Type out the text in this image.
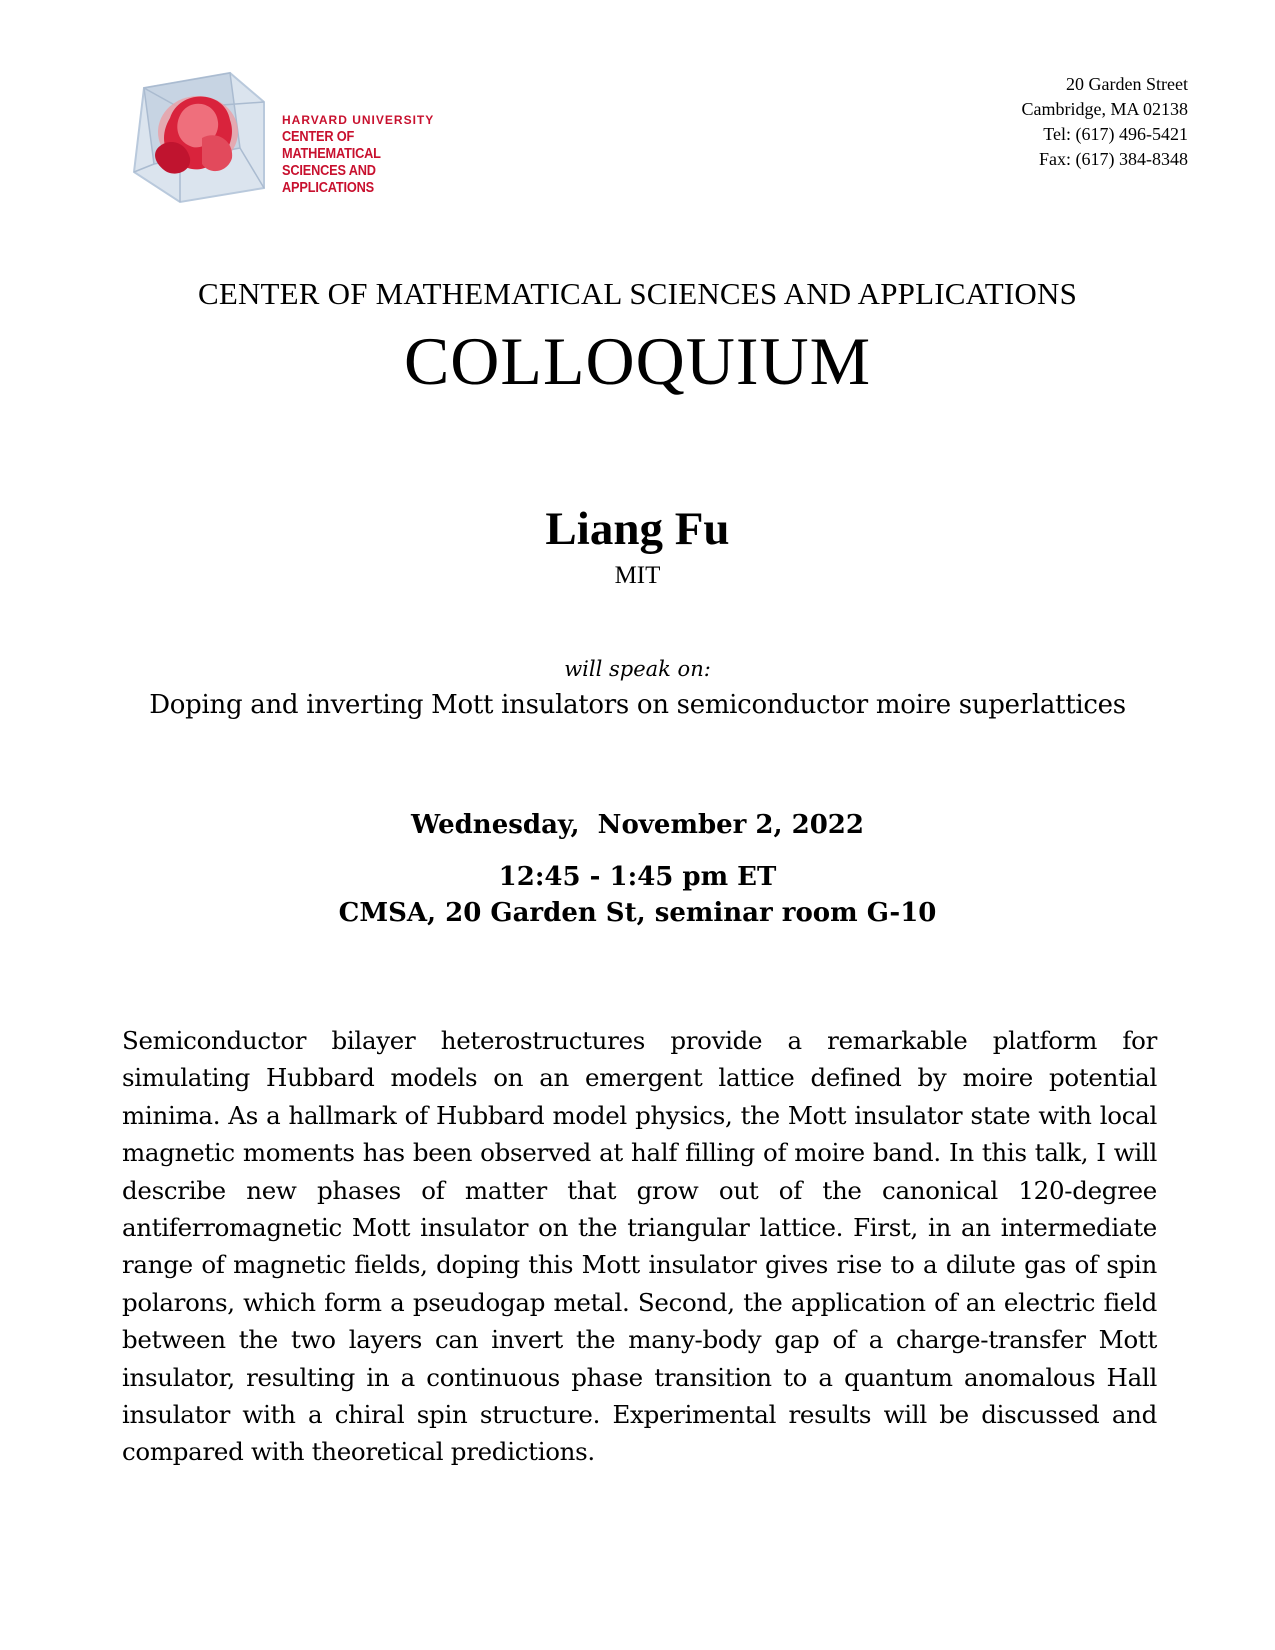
HARVARD UNIVERSITY
CENTER OF MATHEMATICAL
SCIENCES AND APPLICATIONS
20 Garden Street
Cambridge, MA 02138
Tel: (617) 496-5421
Fax: (617) 384-8348
CENTER OF MATHEMATICAL SCIENCES AND APPLICATIONS
COLLOQUIUM
Liang Fu
MIT
will speak on:
Doping and inverting Mott insulators on semiconductor moire superlattices
Wednesday,  November 2, 2022
12:45 - 1:45 pm ET
CMSA, 20 Garden St, seminar room G-10

Semiconductor bilayer heterostructures provide a remarkable platform for simulating Hubbard models on an emergent lattice defined by moire potential minima. As a hallmark of Hubbard model physics, the Mott insulator state with local magnetic moments has been observed at half filling of moire band. In this talk, I will describe new phases of matter that grow out of the canonical 120-degree antiferromagnetic Mott insulator on the triangular lattice. First, in an intermediate range of magnetic fields, doping this Mott insulator gives rise to a dilute gas of spin polarons, which form a pseudogap metal. Second, the application of an electric field between the two layers can invert the many-body gap of a charge-transfer Mott insulator, resulting in a continuous phase transition to a quantum anomalous Hall insulator with a chiral spin structure. Experimental results will be discussed and compared with theoretical predictions.
